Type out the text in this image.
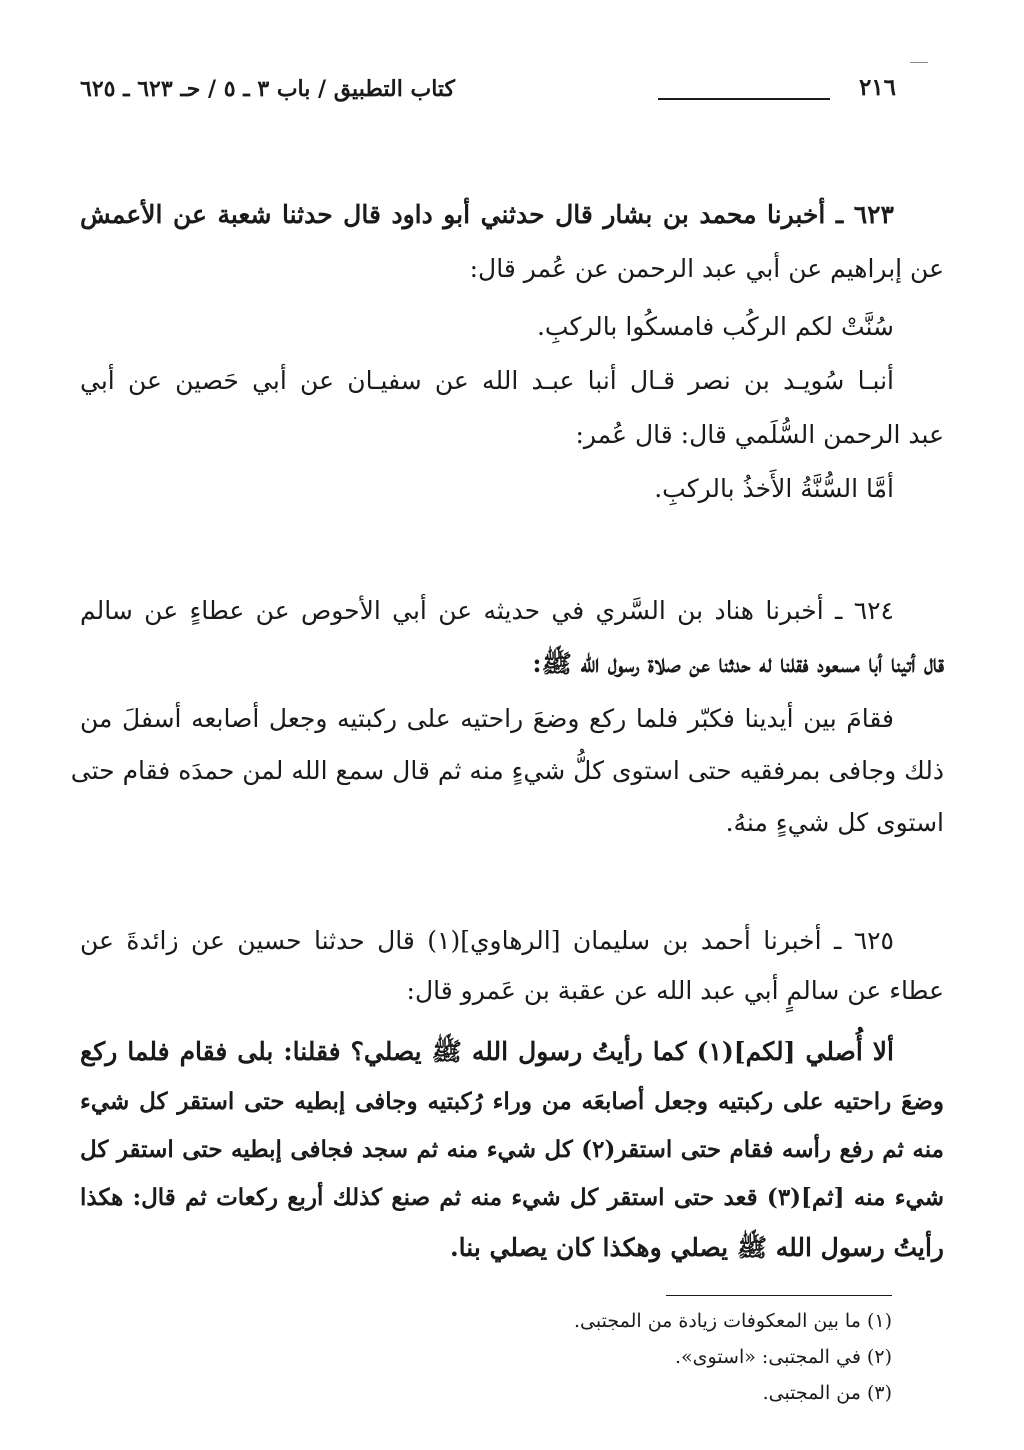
٢١٦
كتاب التطبيق / باب ٣ ـ ٥ / حـ ٦٢٣ ـ ٦٢٥
٦٢٣ ـ أخبرنا محمد بن بشار قال حدثني أبو داود قال حدثنا شعبة عن الأعمش
عن إبراهيم عن أبي عبد الرحمن عن عُمر قال:
سُنَّتْ لكم الركُب فامسكُوا بالركبِ.
أنبـا سُويـد بن نصر قـال أنبا عبـد الله عن سفيـان عن أبي حَصين عن أبي
عبد الرحمن السُّلَمي قال: قال عُمر:
أمَّا السُّنَّةُ الأَخذُ بالركبِ.
٦٢٤ ـ أخبرنا هناد بن السَّري في حديثه عن أبي الأحوص عن عطاءٍ عن سالم
قال أتينا أبا مسعود فقلنا له حدثنا عن صلاة رسول الله ﷺ:
فقامَ بين أيدينا فكبّر فلما ركع وضعَ راحتيه على ركبتيه وجعل أصابعه أسفلَ من
ذلك وجافى بمرفقيه حتى استوى كلُّ شيءٍ منه ثم قال سمع الله لمن حمدَه فقام حتى
استوى كل شيءٍ منهُ.
٦٢٥ ـ أخبرنا أحمد بن سليمان [الرهاوي](١) قال حدثنا حسين عن زائدةَ عن
عطاء عن سالمٍ أبي عبد الله عن عقبة بن عَمرو قال:
ألا أُصلي [لكم](١) كما رأيتُ رسول الله ﷺ يصلي؟ فقلنا: بلى فقام فلما ركع
وضعَ راحتيه على ركبتيه وجعل أصابعَه من وراء رُكبتيه وجافى إبطيه حتى استقر كل شيء
منه ثم رفع رأسه فقام حتى استقر(٢) كل شيء منه ثم سجد فجافى إبطيه حتى استقر كل
شيء منه [ثم](٣) قعد حتى استقر كل شيء منه ثم صنع كذلك أربع ركعات ثم قال: هكذا
رأيتُ رسول الله ﷺ يصلي وهكذا كان يصلي بنا.
(١) ما بين المعكوفات زيادة من المجتبى.
(٢) في المجتبى: «استوى».
(٣) من المجتبى.
